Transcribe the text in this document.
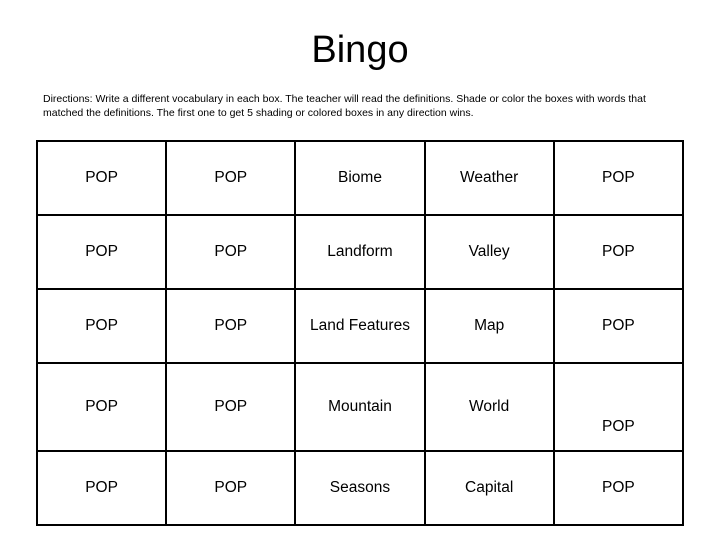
Bingo

Directions: Write a different vocabulary in each box. The teacher will read the definitions. Shade or color the boxes with words that matched the definitions. The first one to get 5 shading or colored boxes in any direction wins.

POP	POP	Biome	Weather	POP
POP	POP	Landform	Valley	POP
POP	POP	Land Features	Map	POP
POP	POP	Mountain	World	POP
POP	POP	Seasons	Capital	POP
